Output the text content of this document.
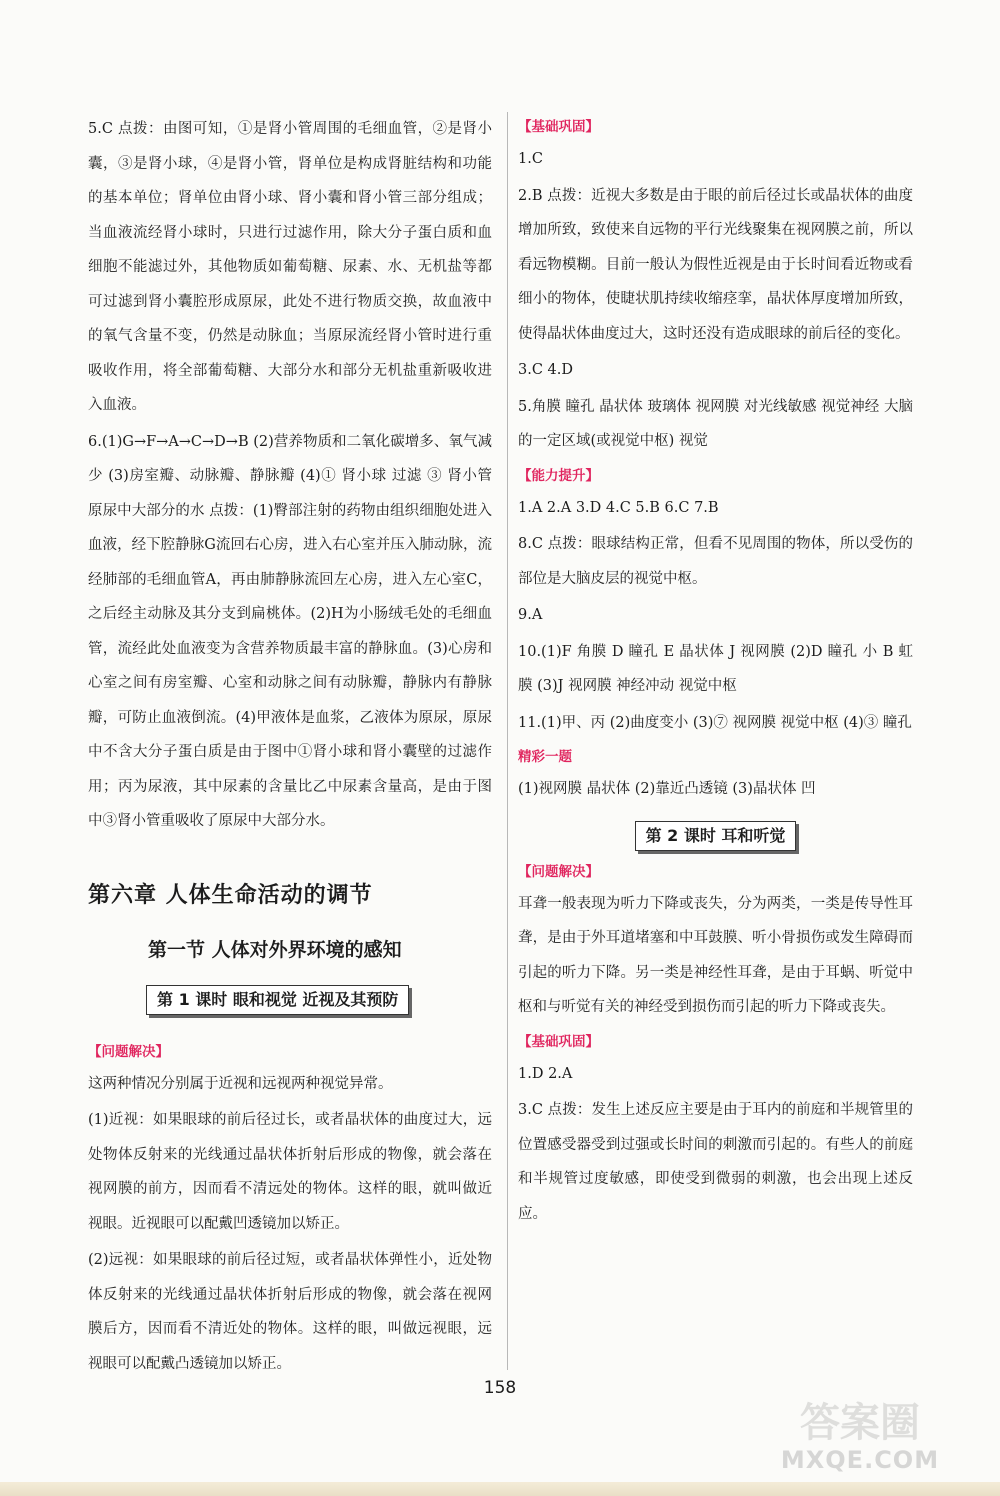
5.C 点拨：由图可知，①是肾小管周围的毛细血管，②是肾小囊，③是肾小球，④是肾小管，肾单位是构成肾脏结构和功能的基本单位；肾单位由肾小球、肾小囊和肾小管三部分组成；当血液流经肾小球时，只进行过滤作用，除大分子蛋白质和血细胞不能滤过外，其他物质如葡萄糖、尿素、水、无机盐等都可过滤到肾小囊腔形成原尿，此处不进行物质交换，故血液中的氧气含量不变，仍然是动脉血；当原尿流经肾小管时进行重吸收作用，将全部葡萄糖、大部分水和部分无机盐重新吸收进入血液。

6.(1)G→F→A→C→D→B (2)营养物质和二氧化碳增多、氧气减少 (3)房室瓣、动脉瓣、静脉瓣 (4)① 肾小球 过滤 ③ 肾小管 原尿中大部分的水 点拨：(1)臀部注射的药物由组织细胞处进入血液，经下腔静脉G流回右心房，进入右心室并压入肺动脉，流经肺部的毛细血管A，再由肺静脉流回左心房，进入左心室C，之后经主动脉及其分支到扁桃体。(2)H为小肠绒毛处的毛细血管，流经此处血液变为含营养物质最丰富的静脉血。(3)心房和心室之间有房室瓣、心室和动脉之间有动脉瓣，静脉内有静脉瓣，可防止血液倒流。(4)甲液体是血浆，乙液体为原尿，原尿中不含大分子蛋白质是由于图中①肾小球和肾小囊壁的过滤作用；丙为尿液，其中尿素的含量比乙中尿素含量高，是由于图中③肾小管重吸收了原尿中大部分水。

第六章 人体生命活动的调节
第一节 人体对外界环境的感知
第 1 课时 眼和视觉 近视及其预防
【问题解决】

这两种情况分别属于近视和远视两种视觉异常。

(1)近视：如果眼球的前后径过长，或者晶状体的曲度过大，远处物体反射来的光线通过晶状体折射后形成的物像，就会落在视网膜的前方，因而看不清远处的物体。这样的眼，就叫做近视眼。近视眼可以配戴凹透镜加以矫正。

(2)远视：如果眼球的前后径过短，或者晶状体弹性小，近处物体反射来的光线通过晶状体折射后形成的物像，就会落在视网膜后方，因而看不清近处的物体。这样的眼，叫做远视眼，远视眼可以配戴凸透镜加以矫正。

【基础巩固】

1.C

2.B 点拨：近视大多数是由于眼的前后径过长或晶状体的曲度增加所致，致使来自远物的平行光线聚集在视网膜之前，所以看远物模糊。目前一般认为假性近视是由于长时间看近物或看细小的物体，使睫状肌持续收缩痉挛，晶状体厚度增加所致，使得晶状体曲度过大，这时还没有造成眼球的前后径的变化。

3.C 4.D

5.角膜 瞳孔 晶状体 玻璃体 视网膜 对光线敏感 视觉神经 大脑的一定区域(或视觉中枢) 视觉

【能力提升】

1.A 2.A 3.D 4.C 5.B 6.C 7.B

8.C 点拨：眼球结构正常，但看不见周围的物体，所以受伤的部位是大脑皮层的视觉中枢。

9.A

10.(1)F 角膜 D 瞳孔 E 晶状体 J 视网膜 (2)D 瞳孔 小 B 虹膜 (3)J 视网膜 神经冲动 视觉中枢

11.(1)甲、丙 (2)曲度变小 (3)⑦ 视网膜 视觉中枢 (4)③ 瞳孔

精彩一题

(1)视网膜 晶状体 (2)靠近凸透镜 (3)晶状体 凹

第 2 课时 耳和听觉
【问题解决】

耳聋一般表现为听力下降或丧失，分为两类，一类是传导性耳聋，是由于外耳道堵塞和中耳鼓膜、听小骨损伤或发生障碍而引起的听力下降。另一类是神经性耳聋，是由于耳蜗、听觉中枢和与听觉有关的神经受到损伤而引起的听力下降或丧失。

【基础巩固】

1.D 2.A

3.C 点拨：发生上述反应主要是由于耳内的前庭和半规管里的位置感受器受到过强或长时间的刺激而引起的。有些人的前庭和半规管过度敏感，即使受到微弱的刺激，也会出现上述反应。

158
答案圈
MXQE.COM
